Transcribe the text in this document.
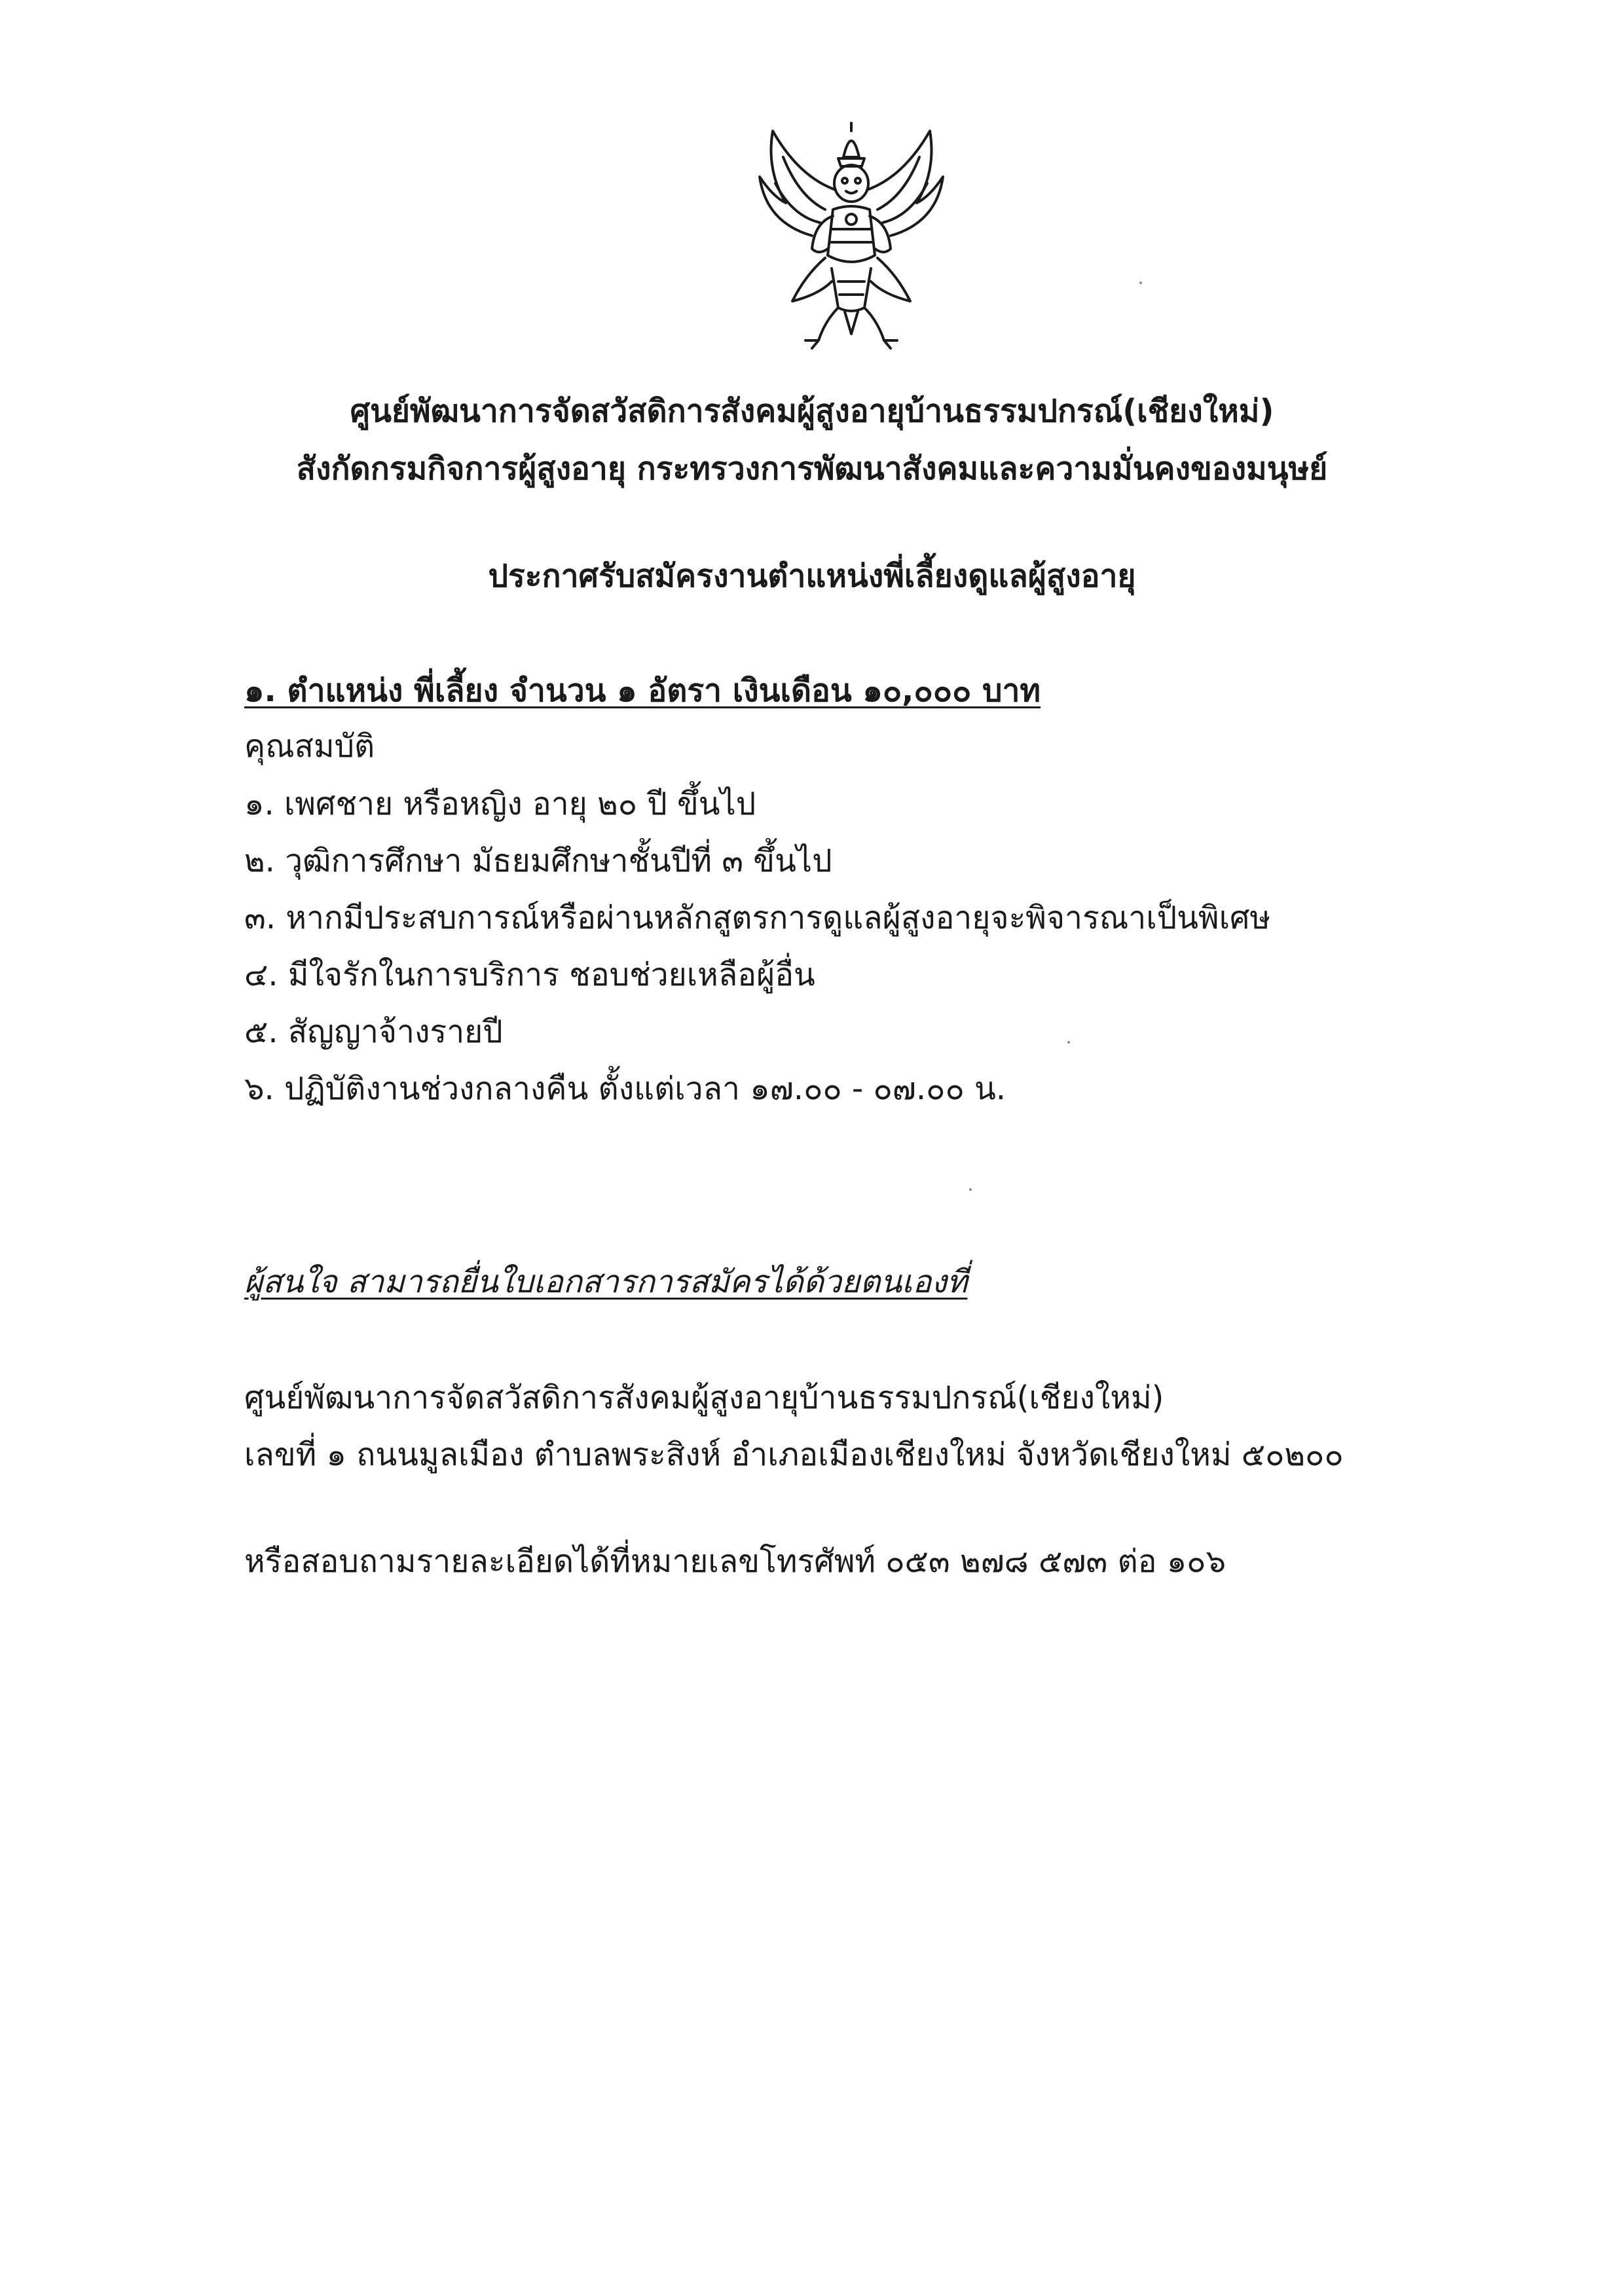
ศูนย์พัฒนาการจัดสวัสดิการสังคมผู้สูงอายุบ้านธรรมปกรณ์(เชียงใหม่)
สังกัดกรมกิจการผู้สูงอายุ กระทรวงการพัฒนาสังคมและความมั่นคงของมนุษย์
ประกาศรับสมัครงานตำแหน่งพี่เลี้ยงดูแลผู้สูงอายุ
๑. ตำแหน่ง พี่เลี้ยง จำนวน ๑ อัตรา เงินเดือน ๑๐,๐๐๐ บาท
คุณสมบัติ
๑. เพศชาย หรือหญิง อายุ ๒๐ ปี ขึ้นไป
๒. วุฒิการศึกษา มัธยมศึกษาชั้นปีที่ ๓ ขึ้นไป
๓. หากมีประสบการณ์หรือผ่านหลักสูตรการดูแลผู้สูงอายุจะพิจารณาเป็นพิเศษ
๔. มีใจรักในการบริการ ชอบช่วยเหลือผู้อื่น
๕. สัญญาจ้างรายปี
๖. ปฏิบัติงานช่วงกลางคืน ตั้งแต่เวลา ๑๗.๐๐ - ๐๗.๐๐ น.
ผู้สนใจ สามารถยื่นใบเอกสารการสมัครได้ด้วยตนเองที่
ศูนย์พัฒนาการจัดสวัสดิการสังคมผู้สูงอายุบ้านธรรมปกรณ์(เชียงใหม่)
เลขที่ ๑ ถนนมูลเมือง ตำบลพระสิงห์ อำเภอเมืองเชียงใหม่ จังหวัดเชียงใหม่ ๕๐๒๐๐
หรือสอบถามรายละเอียดได้ที่หมายเลขโทรศัพท์ ๐๕๓ ๒๗๘ ๕๗๓ ต่อ ๑๐๖
